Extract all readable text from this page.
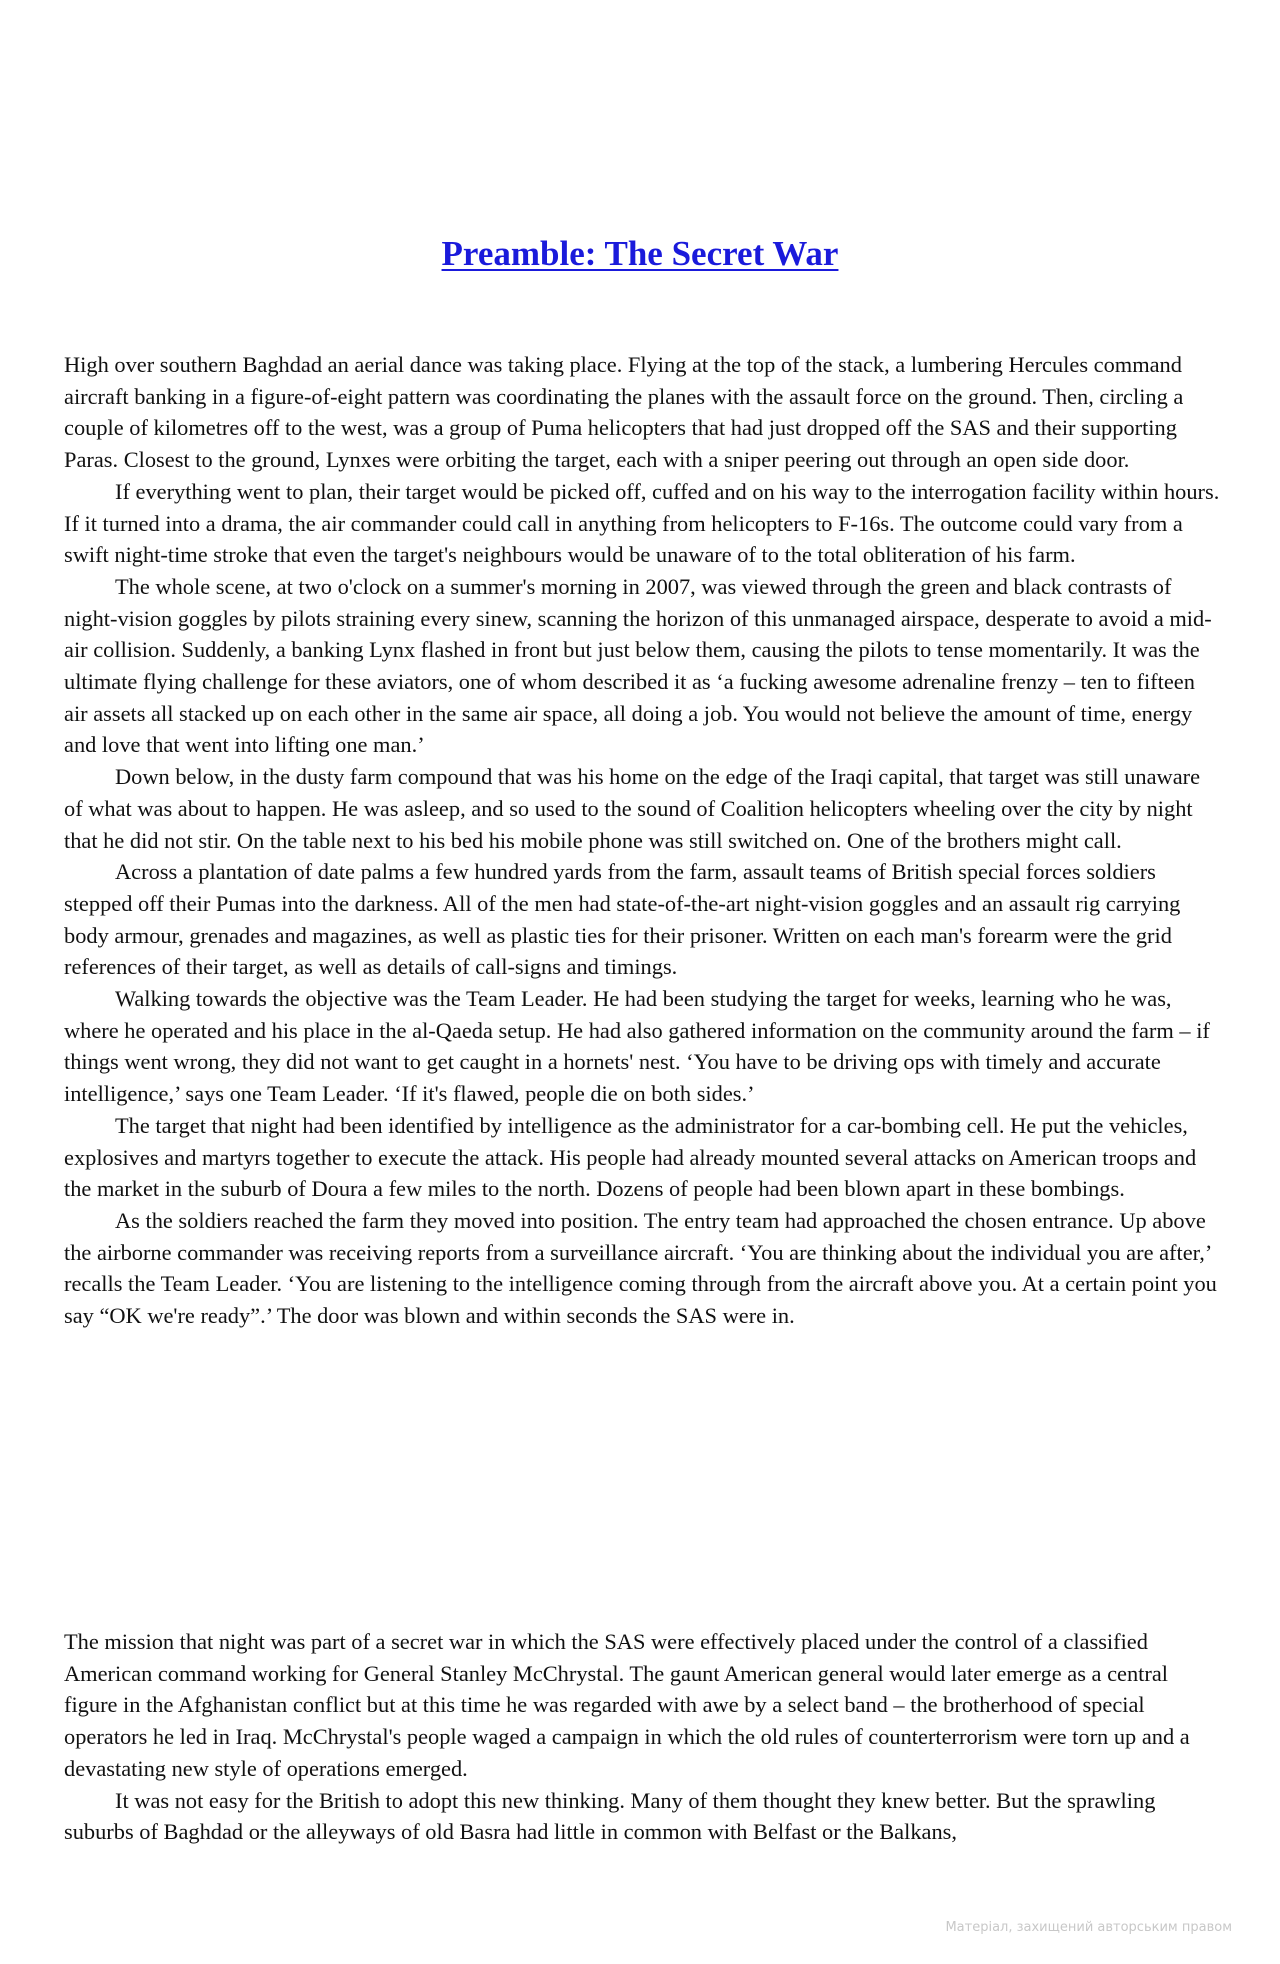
Preamble: The Secret War

High over southern Baghdad an aerial dance was taking place. Flying at the top of the stack, a lumbering Hercules command aircraft banking in a figure-of-eight pattern was coordinating the planes with the assault force on the ground. Then, circling a couple of kilometres off to the west, was a group of Puma helicopters that had just dropped off the SAS and their supporting Paras. Closest to the ground, Lynxes were orbiting the target, each with a sniper peering out through an open side door.

If everything went to plan, their target would be picked off, cuffed and on his way to the interrogation facility within hours. If it turned into a drama, the air commander could call in anything from helicopters to F-16s. The outcome could vary from a swift night-time stroke that even the target's neighbours would be unaware of to the total obliteration of his farm.

The whole scene, at two o'clock on a summer's morning in 2007, was viewed through the green and black contrasts of night-vision goggles by pilots straining every sinew, scanning the horizon of this unmanaged airspace, desperate to avoid a mid-air collision. Suddenly, a banking Lynx flashed in front but just below them, causing the pilots to tense momentarily. It was the ultimate flying challenge for these aviators, one of whom described it as ‘a fucking awesome adrenaline frenzy – ten to fifteen air assets all stacked up on each other in the same air space, all doing a job. You would not believe the amount of time, energy and love that went into lifting one man.’

Down below, in the dusty farm compound that was his home on the edge of the Iraqi capital, that target was still unaware of what was about to happen. He was asleep, and so used to the sound of Coalition helicopters wheeling over the city by night that he did not stir. On the table next to his bed his mobile phone was still switched on. One of the brothers might call.

Across a plantation of date palms a few hundred yards from the farm, assault teams of British special forces soldiers stepped off their Pumas into the darkness. All of the men had state-of-the-art night-vision goggles and an assault rig carrying body armour, grenades and magazines, as well as plastic ties for their prisoner. Written on each man's forearm were the grid references of their target, as well as details of call-signs and timings.

Walking towards the objective was the Team Leader. He had been studying the target for weeks, learning who he was, where he operated and his place in the al-Qaeda setup. He had also gathered information on the community around the farm – if things went wrong, they did not want to get caught in a hornets' nest. ‘You have to be driving ops with timely and accurate intelligence,’ says one Team Leader. ‘If it's flawed, people die on both sides.’

The target that night had been identified by intelligence as the administrator for a car-bombing cell. He put the vehicles, explosives and martyrs together to execute the attack. His people had already mounted several attacks on American troops and the market in the suburb of Doura a few miles to the north. Dozens of people had been blown apart in these bombings.

As the soldiers reached the farm they moved into position. The entry team had approached the chosen entrance. Up above the airborne commander was receiving reports from a surveillance aircraft. ‘You are thinking about the individual you are after,’ recalls the Team Leader. ‘You are listening to the intelligence coming through from the aircraft above you. At a certain point you say “OK we're ready”.’ The door was blown and within seconds the SAS were in.

The mission that night was part of a secret war in which the SAS were effectively placed under the control of a classified American command working for General Stanley McChrystal. The gaunt American general would later emerge as a central figure in the Afghanistan conflict but at this time he was regarded with awe by a select band – the brotherhood of special operators he led in Iraq. McChrystal's people waged a campaign in which the old rules of counterterrorism were torn up and a devastating new style of operations emerged.

It was not easy for the British to adopt this new thinking. Many of them thought they knew better. But the sprawling suburbs of Baghdad or the alleyways of old Basra had little in common with Belfast or the Balkans,

Матеріал, захищений авторським правом
